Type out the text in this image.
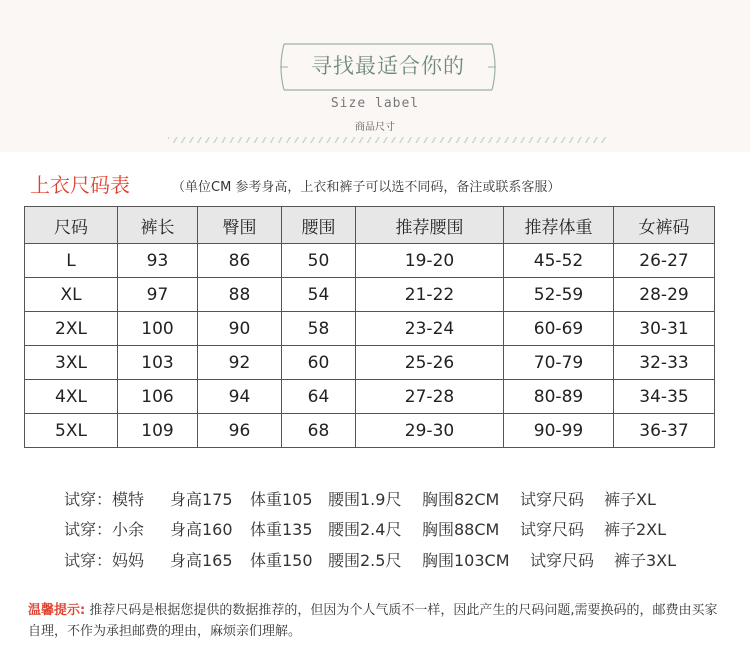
寻找最适合你的
Size label
商品尺寸
上衣尺码表	（单位CM 参考身高，上衣和裤子可以选不同码，备注或联系客服）
尺码	裤长	臀围	腰围	推荐腰围	推荐体重	女裤码
L	93	86	50	19-20	45-52	26-27
XL	97	88	54	21-22	52-59	28-29
2XL	100	90	58	23-24	60-69	30-31
3XL	103	92	60	25-26	70-79	32-33
4XL	106	94	64	27-28	80-89	34-35
5XL	109	96	68	29-30	90-99	36-37
试穿：模特 身高175 体重105 腰围1.9尺 胸围82CM 试穿尺码 裤子XL
试穿：小余 身高160 体重135 腰围2.4尺 胸围88CM 试穿尺码 裤子2XL
试穿：妈妈 身高165 体重150 腰围2.5尺 胸围103CM 试穿尺码 裤子3XL
温馨提示: 推荐尺码是根据您提供的数据推荐的，但因为个人气质不一样，因此产生的尺码问题,需要换码的，邮费由买家自理，不作为承担邮费的理由，麻烦亲们理解。
